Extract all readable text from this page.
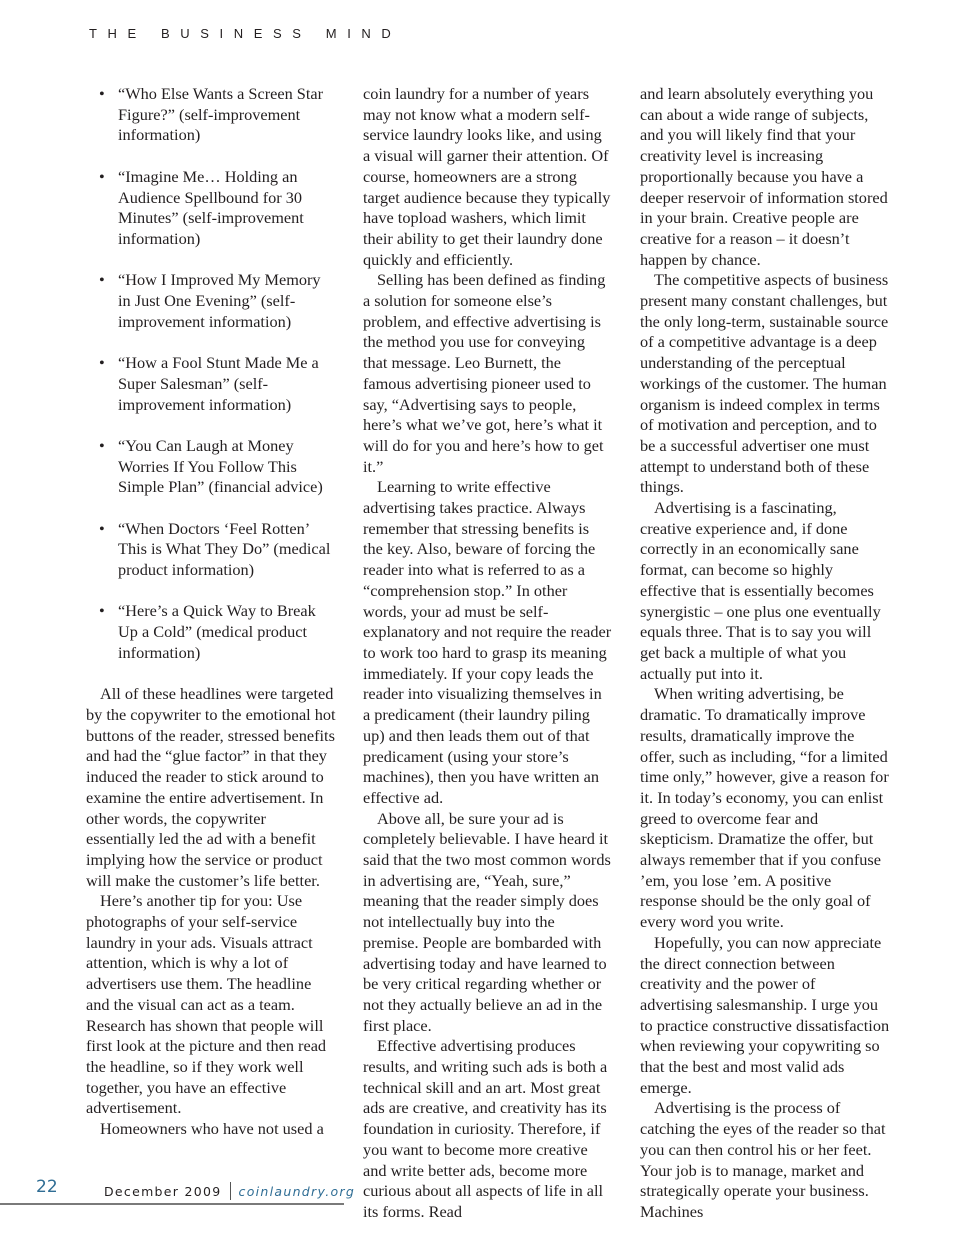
THE BUSINESS MIND
• “Who Else Wants a Screen Star Figure?” (self-improvement information)
• “Imagine Me… Holding an Audience Spellbound for 30 Minutes” (self-improvement information)
• “How I Improved My Memory in Just One Evening” (self-improvement information)
• “How a Fool Stunt Made Me a Super Salesman” (self-improvement information)
• “You Can Laugh at Money Worries If You Follow This Simple Plan” (financial advice)
• “When Doctors ‘Feel Rotten’ This is What They Do” (medical product information)
• “Here’s a Quick Way to Break Up a Cold” (medical product information)

All of these headlines were targeted by the copywriter to the emotional hot buttons of the reader, stressed benefits and had the “glue factor” in that they induced the reader to stick around to examine the entire advertisement. In other words, the copywriter essentially led the ad with a benefit implying how the service or product will make the customer’s life better.

Here’s another tip for you: Use photographs of your self-service laundry in your ads. Visuals attract attention, which is why a lot of advertisers use them. The headline and the visual can act as a team. Research has shown that people will first look at the picture and then read the headline, so if they work well together, you have an effective advertisement.

Homeowners who have not used a

coin laundry for a number of years may not know what a modern self-service laundry looks like, and using a visual will garner their attention. Of course, homeowners are a strong target audience because they typically have topload washers, which limit their ability to get their laundry done quickly and efficiently.

Selling has been defined as finding a solution for someone else’s problem, and effective advertising is the method you use for conveying that message. Leo Burnett, the famous advertising pioneer used to say, “Advertising says to people, here’s what we’ve got, here’s what it will do for you and here’s how to get it.”

Learning to write effective advertising takes practice. Always remember that stressing benefits is the key. Also, beware of forcing the reader into what is referred to as a “comprehension stop.” In other words, your ad must be self-explanatory and not require the reader to work too hard to grasp its meaning immediately. If your copy leads the reader into visualizing themselves in a predicament (their laundry piling up) and then leads them out of that predicament (using your store’s machines), then you have written an effective ad.

Above all, be sure your ad is completely believable. I have heard it said that the two most common words in advertising are, “Yeah, sure,” meaning that the reader simply does not intellectually buy into the premise. People are bombarded with advertising today and have learned to be very critical regarding whether or not they actually believe an ad in the first place.

Effective advertising produces results, and writing such ads is both a technical skill and an art. Most great ads are creative, and creativity has its foundation in curiosity. Therefore, if you want to become more creative and write better ads, become more curious about all aspects of life in all its forms. Read

and learn absolutely everything you can about a wide range of subjects, and you will likely find that your creativity level is increasing proportionally because you have a deeper reservoir of information stored in your brain. Creative people are creative for a reason – it doesn’t happen by chance.

The competitive aspects of business present many constant challenges, but the only long-term, sustainable source of a competitive advantage is a deep understanding of the perceptual workings of the customer. The human organism is indeed complex in terms of motivation and perception, and to be a successful advertiser one must attempt to understand both of these things.

Advertising is a fascinating, creative experience and, if done correctly in an economically sane format, can become so highly effective that is essentially becomes synergistic – one plus one eventually equals three. That is to say you will get back a multiple of what you actually put into it.

When writing advertising, be dramatic. To dramatically improve results, dramatically improve the offer, such as including, “for a limited time only,” however, give a reason for it. In today’s economy, you can enlist greed to overcome fear and skepticism. Dramatize the offer, but always remember that if you confuse ’em, you lose ’em. A positive response should be the only goal of every word you write.

Hopefully, you can now appreciate the direct connection between creativity and the power of advertising salesmanship. I urge you to practice constructive dissatisfaction when reviewing your copywriting so that the best and most valid ads emerge.

Advertising is the process of catching the eyes of the reader so that you can then control his or her feet. Your job is to manage, market and strategically operate your business. Machines

22	December 2009 coinlaundry.org
